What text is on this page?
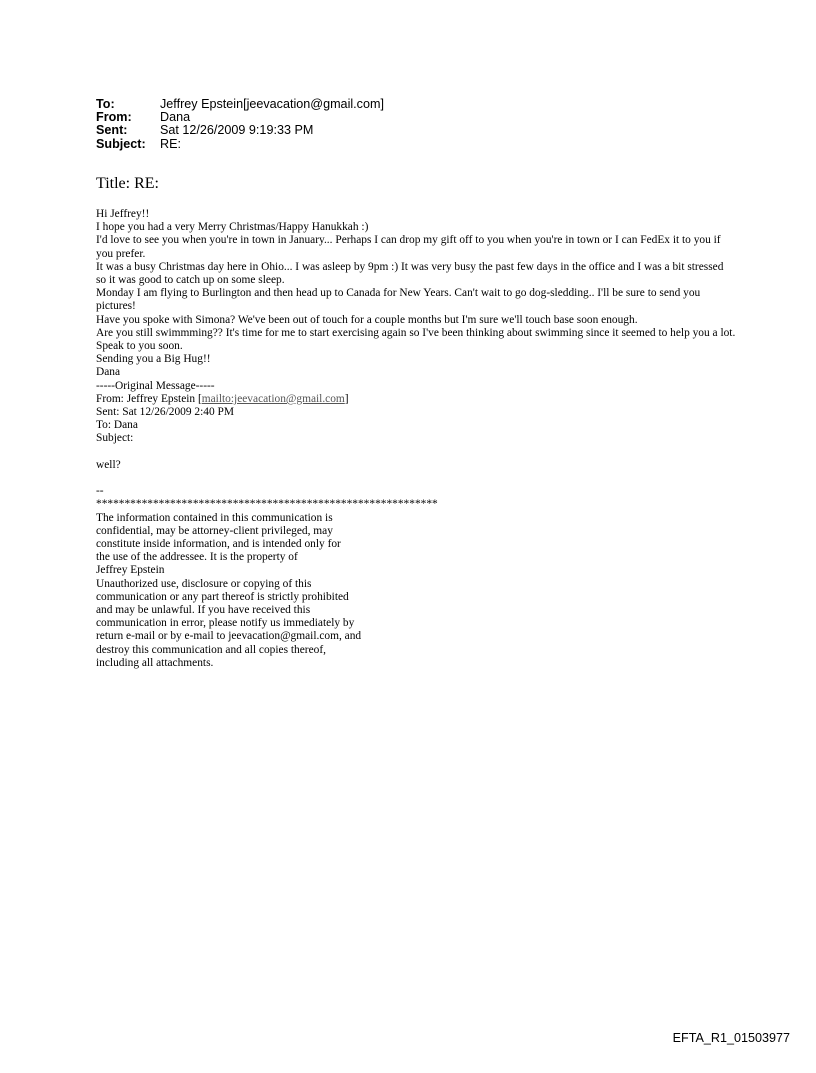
To:	Jeffrey Epstein[jeevacation@gmail.com]
From:	Dana
Sent:	Sat 12/26/2009 9:19:33 PM
Subject:	RE:
Title: RE:

Hi Jeffrey!!

I hope you had a very Merry Christmas/Happy Hanukkah :)

I'd love to see you when you're in town in January... Perhaps I can drop my gift off to you when you're in town or I can FedEx it to you if you prefer.

It was a busy Christmas day here in Ohio... I was asleep by 9pm :) It was very busy the past few days in the office and I was a bit stressed so it was good to catch up on some sleep.

Monday I am flying to Burlington and then head up to Canada for New Years. Can't wait to go dog-sledding.. I'll be sure to send you pictures!

Have you spoke with Simona? We've been out of touch for a couple months but I'm sure we'll touch base soon enough.

Are you still swimmming?? It's time for me to start exercising again so I've been thinking about swimming since it seemed to help you a lot.

Speak to you soon.

Sending you a Big Hug!!

Dana

-----Original Message-----

From: Jeffrey Epstein [mailto:jeevacation@gmail.com]

Sent: Sat 12/26/2009 2:40 PM

To: Dana

Subject:

well?

--

************************************************************

The information contained in this communication is

confidential, may be attorney-client privileged, may

constitute inside information, and is intended only for

the use of the addressee. It is the property of

Jeffrey Epstein

Unauthorized use, disclosure or copying of this

communication or any part thereof is strictly prohibited

and may be unlawful. If you have received this

communication in error, please notify us immediately by

return e-mail or by e-mail to jeevacation@gmail.com, and

destroy this communication and all copies thereof,

including all attachments.

EFTA_R1_01503977
